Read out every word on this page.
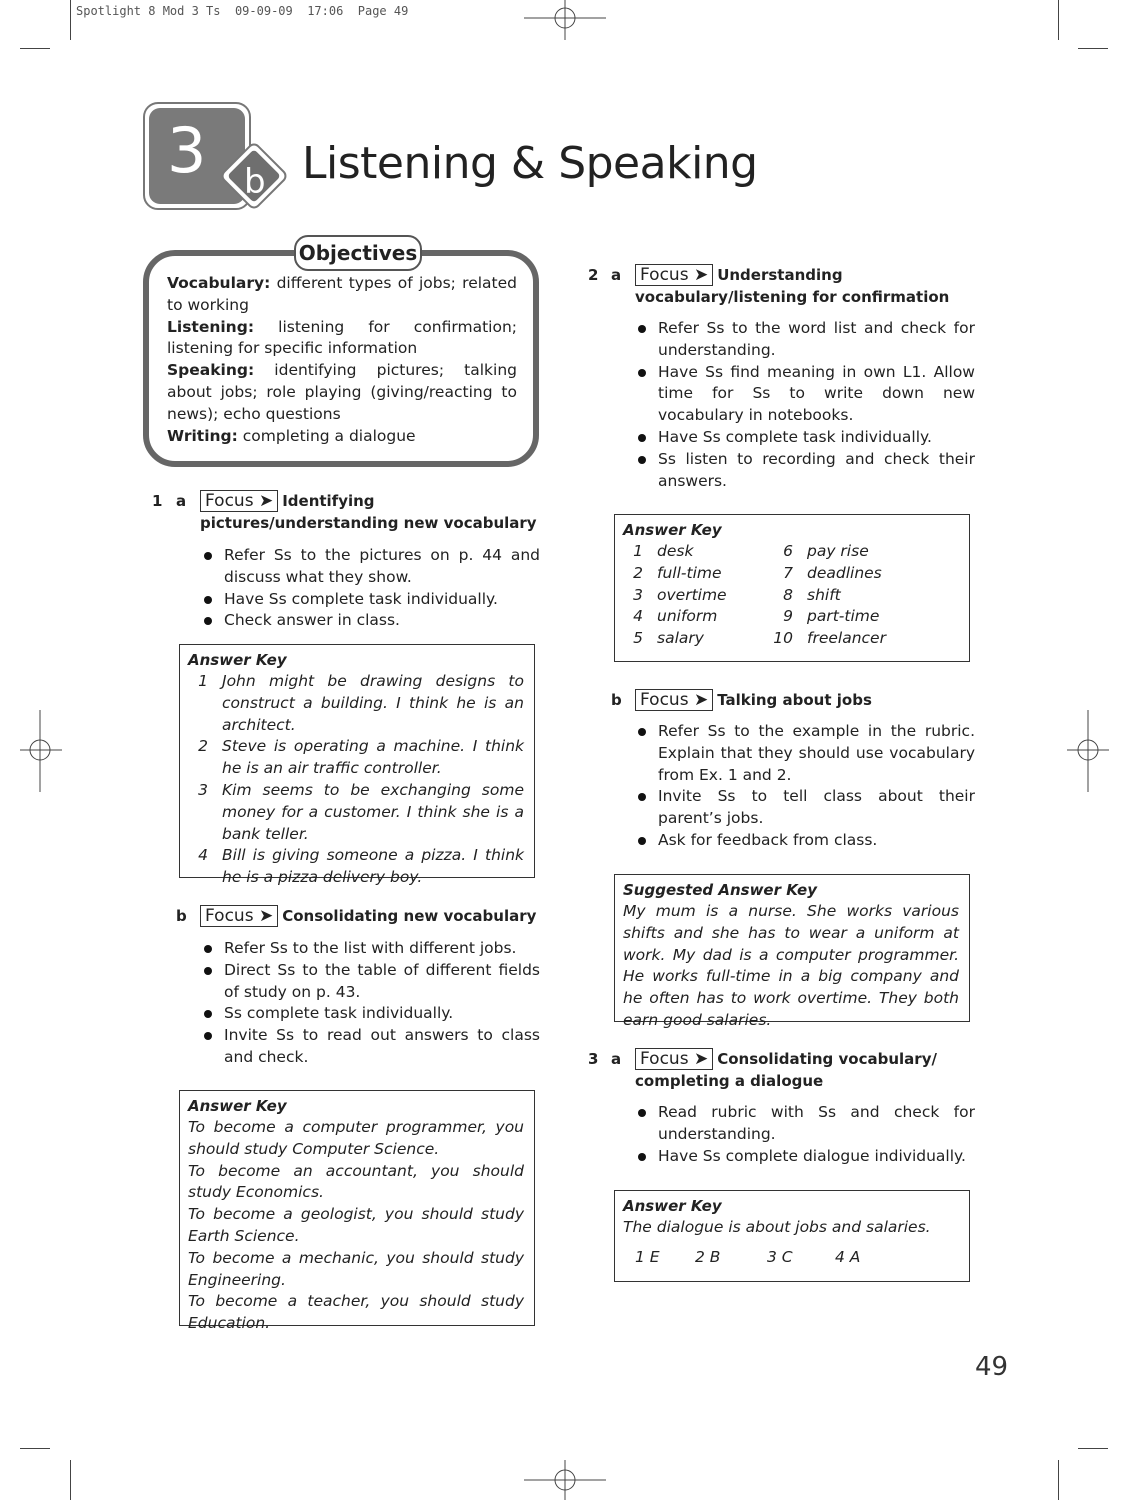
Spotlight 8 Mod 3 Ts  09-09-09  17:06  Page 49
3 b Listening & Speaking
Objectives
Vocabulary: different types of jobs; related to working
Listening: listening for confirmation; listening for specific information
Speaking: identifying pictures; talking about jobs; role playing (giving/reacting to news); echo questions
Writing: completing a dialogue
1 a	Focus ➤ Identifying pictures/understanding new vocabulary
Refer Ss to the pictures on p. 44 and discuss what they show.
Have Ss complete task individually.
Check answer in class.
Answer Key
1 John might be drawing designs to construct a building. I think he is an architect.
2 Steve is operating a machine. I think he is an air traffic controller.
3 Kim seems to be exchanging some money for a customer. I think she is a bank teller.
4 Bill is giving someone a pizza. I think he is a pizza delivery boy.
b	Focus ➤ Consolidating new vocabulary
Refer Ss to the list with different jobs.
Direct Ss to the table of different fields of study on p. 43.
Ss complete task individually.
Invite Ss to read out answers to class and check.
Answer Key
To become a computer programmer, you should study Computer Science.
To become an accountant, you should study Economics.
To become a geologist, you should study Earth Science.
To become a mechanic, you should study Engineering.
To become a teacher, you should study Education.
2 a	Focus ➤ Understanding vocabulary/listening for confirmation
Refer Ss to the word list and check for understanding.
Have Ss find meaning in own L1. Allow time for Ss to write down new vocabulary in notebooks.
Have Ss complete task individually.
Ss listen to recording and check their answers.
Answer Key
1 desk
2 full-time
3 overtime
4 uniform
5 salary
6 pay rise
7 deadlines
8 shift
9 part-time
10 freelancer
b	Focus ➤ Talking about jobs
Refer Ss to the example in the rubric. Explain that they should use vocabulary from Ex. 1 and 2.
Invite Ss to tell class about their parent’s jobs.
Ask for feedback from class.
Suggested Answer Key
My mum is a nurse. She works various shifts and she has to wear a uniform at work. My dad is a computer programmer. He works full-time in a big company and he often has to work overtime. They both earn good salaries.
3 a	Focus ➤ Consolidating vocabulary/ completing a dialogue
Read rubric with Ss and check for understanding.
Have Ss complete dialogue individually.
Answer Key
The dialogue is about jobs and salaries.
1 E	2 B	3 C	4 A
49
